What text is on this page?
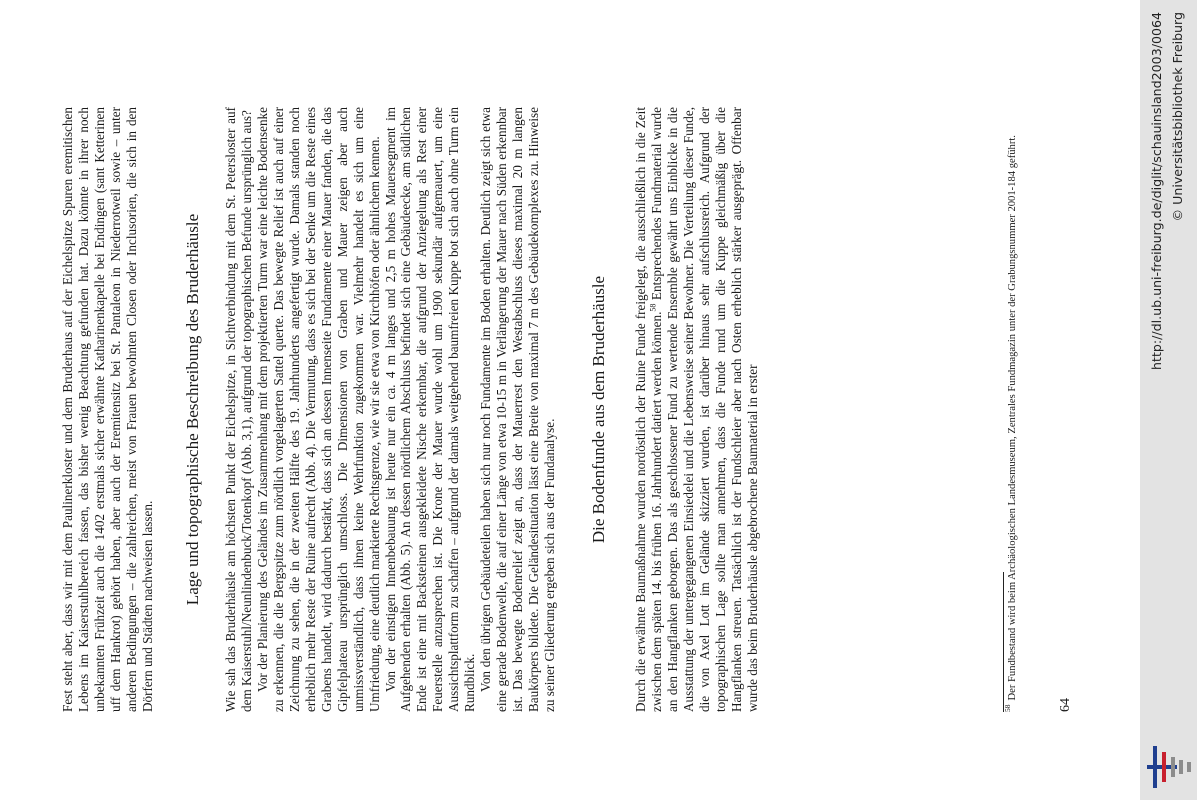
Fest steht aber, dass wir mit dem Paulinerkloster und dem Bruderhaus auf der Eichelspitze Spuren eremitischen Lebens im Kaiserstuhlbereich fassen, das bisher wenig Beachtung gefunden hat. Dazu könnte in ihrer noch unbekannten Frühzeit auch die 1402 erstmals sicher erwähnte Katharinenkapelle bei Endingen (sant Ketterinen uff dem Hankrot) gehört haben, aber auch der Eremitensitz bei St. Pantaleon in Niederrotweil sowie – unter anderen Bedingungen – die zahlreichen, meist von Frauen bewohnten Closen oder Inclusorien, die sich in den Dörfern und Städten nachweisen lassen.

Lage und topographische Beschreibung des Bruderhäusle Wie sah das Bruderhäusle am höchsten Punkt der Eichelspitze, in Sichtverbindung mit dem St. Petersloster auf dem Kaiserstuhl/Neunlindenbuck/Totenkopf (Abb. 3,1), aufgrund der topographischen Befunde ursprünglich aus? Vor der Planierung des Geländes im Zusammenhang mit dem projektierten Turm war eine leichte Bodensenke zu erkennen, die die Bergspitze zum nördlich vorgelagerten Sattel querte. Das bewegte Relief ist auch auf einer Zeichnung zu sehen, die in der zweiten Hälfte des 19. Jahrhunderts angefertigt wurde. Damals standen noch erheblich mehr Reste der Ruine aufrecht (Abb. 4). Die Vermutung, dass es sich bei der Senke um die Reste eines Grabens handelt, wird dadurch bestärkt, dass sich an dessen Innenseite Fundamente einer Mauer fanden, die das Gipfelplateau ursprünglich umschloss. Die Dimensionen von Graben und Mauer zeigen aber auch unmissverständlich, dass ihnen keine Wehrfunktion zugekommen war. Vielmehr handelt es sich um eine Umfriedung, eine deutlich markierte Rechtsgrenze, wie wir sie etwa von Kirchhöfen oder ähnlichem kennen. Von der einstigen Innenbebauung ist heute nur ein ca. 4 m langes und 2,5 m hohes Mauersegment im Aufgehenden erhalten (Abb. 5). An dessen nördlichem Abschluss befindet sich eine Gebäudeecke, am südlichen Ende ist eine mit Backsteinen ausgekleidete Nische erkennbar, die aufgrund der Anziegelung als Rest einer Feuerstelle anzusprechen ist. Die Krone der Mauer wurde wohl um 1900 sekundär aufgemauert, um eine Aussichtsplattform zu schaffen – aufgrund der damals weitgehend baumfreien Kuppe bot sich auch ohne Turm ein Rundblick. Von den übrigen Gebäudeteilen haben sich nur noch Fundamente im Boden erhalten. Deutlich zeigt sich etwa eine gerade Bodenwelle, die auf einer Länge von etwa 10-15 m in Verlängerung der Mauer nach Süden erkennbar ist. Das bewegte Bodenrelief zeigt an, dass der Mauerrest den Westabschluss dieses maximal 20 m langen Baukörpers bildete. Die Geländesituation lässt eine Breite von maximal 7 m des Gebäudekomplexes zu. Hinweise zu seiner Gliederung ergeben sich aus der Fundanalyse.

Die Bodenfunde aus dem Bruderhäusle Durch die erwähnte Baumaßnahme wurden nordöstlich der Ruine Funde freigelegt, die ausschließlich in die Zeit zwischen dem späten 14. bis frühen 16. Jahrhundert datiert werden können.$^{58}$ Entsprechendes Fundmaterial wurde an den Hangflanken geborgen. Das als geschlossener Fund zu wertende Ensemble gewährt uns Einblicke in die Ausstattung der untergegangenen Einsiedelei und die Lebensweise seiner Bewohner. Die Verteilung dieser Funde, die von Axel Lott im Gelände skizziert wurden, ist darüber hinaus sehr aufschlussreich. Aufgrund der topographischen Lage sollte man annehmen, dass die Funde rund um die Kuppe gleichmäßig über die Hangflanken streuen. Tatsächlich ist der Fundschleier aber nach Osten erheblich stärker ausgeprägt. Offenbar wurde das beim Bruderhäusle abgebrochene Baumaterial in erster	$^{58}$Der Fundbestand wird beim Archäologischen Landesmuseum, Zentrales Fundmagazin unter der Grabungsnummer 2001-184 geführt.
64
http://dl.ub.uni-freiburg.de/diglit/schauinsland2003/0064 © Universitätsbibliothek Freiburg
